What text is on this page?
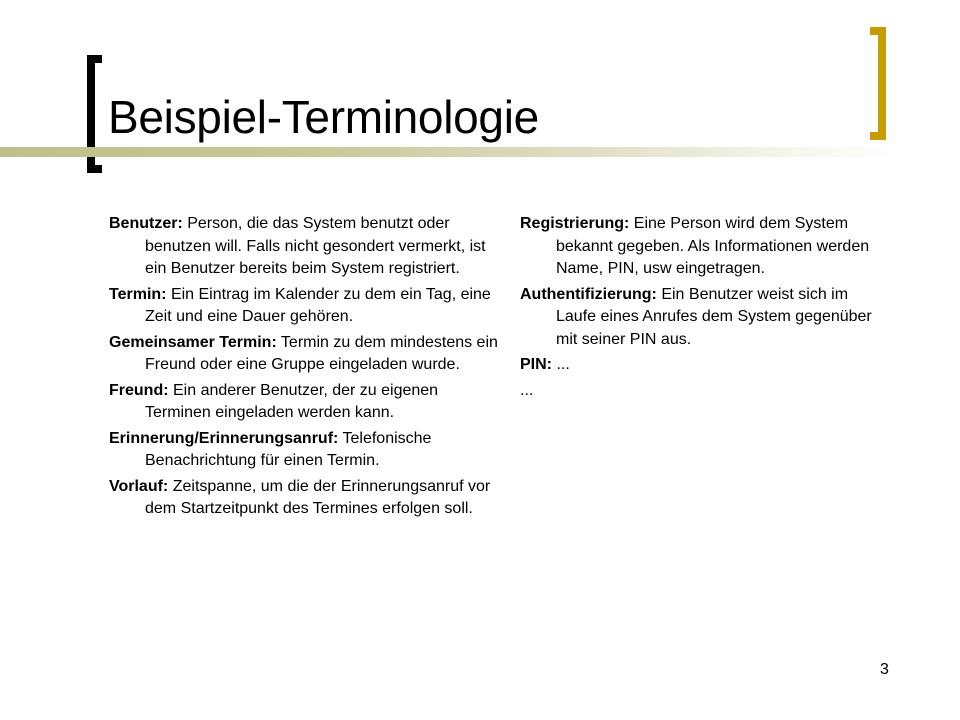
Beispiel-Terminologie
Benutzer: Person, die das System benutzt oder benutzen will. Falls nicht gesondert vermerkt, ist ein Benutzer bereits beim System registriert.
Termin: Ein Eintrag im Kalender zu dem ein Tag, eine Zeit und eine Dauer gehören.
Gemeinsamer Termin: Termin zu dem mindestens ein Freund oder eine Gruppe eingeladen wurde.
Freund: Ein anderer Benutzer, der zu eigenen Terminen eingeladen werden kann.
Erinnerung/Erinnerungsanruf: Telefonische Benachrichtung für einen Termin.
Vorlauf: Zeitspanne, um die der Erinnerungsanruf vor dem Startzeitpunkt des Termines erfolgen soll.
Registrierung: Eine Person wird dem System bekannt gegeben. Als Informationen werden Name, PIN, usw eingetragen.
Authentifizierung: Ein Benutzer weist sich im Laufe eines Anrufes dem System gegenüber mit seiner PIN aus.
PIN: ...
...
3
